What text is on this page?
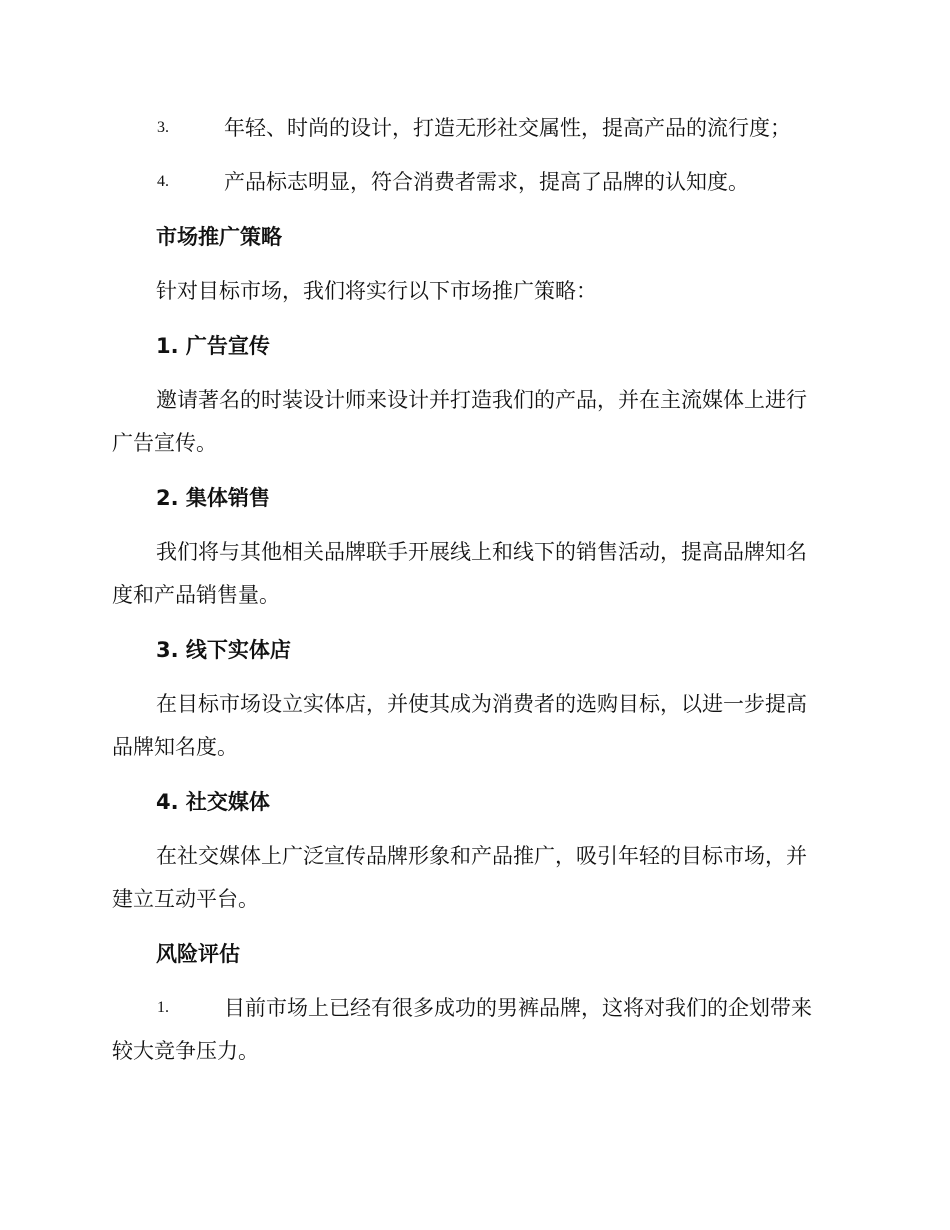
3.	年轻、时尚的设计，打造无形社交属性，提高产品的流行度；
4.	产品标志明显，符合消费者需求，提高了品牌的认知度。
市场推广策略
针对目标市场，我们将实行以下市场推广策略：
1. 广告宣传
邀请著名的时装设计师来设计并打造我们的产品，并在主流媒体上进行
广告宣传。
2. 集体销售
我们将与其他相关品牌联手开展线上和线下的销售活动，提高品牌知名
度和产品销售量。
3. 线下实体店
在目标市场设立实体店，并使其成为消费者的选购目标，以进一步提高
品牌知名度。
4. 社交媒体
在社交媒体上广泛宣传品牌形象和产品推广，吸引年轻的目标市场，并
建立互动平台。
风险评估
1.	目前市场上已经有很多成功的男裤品牌，这将对我们的企划带来
较大竞争压力。
